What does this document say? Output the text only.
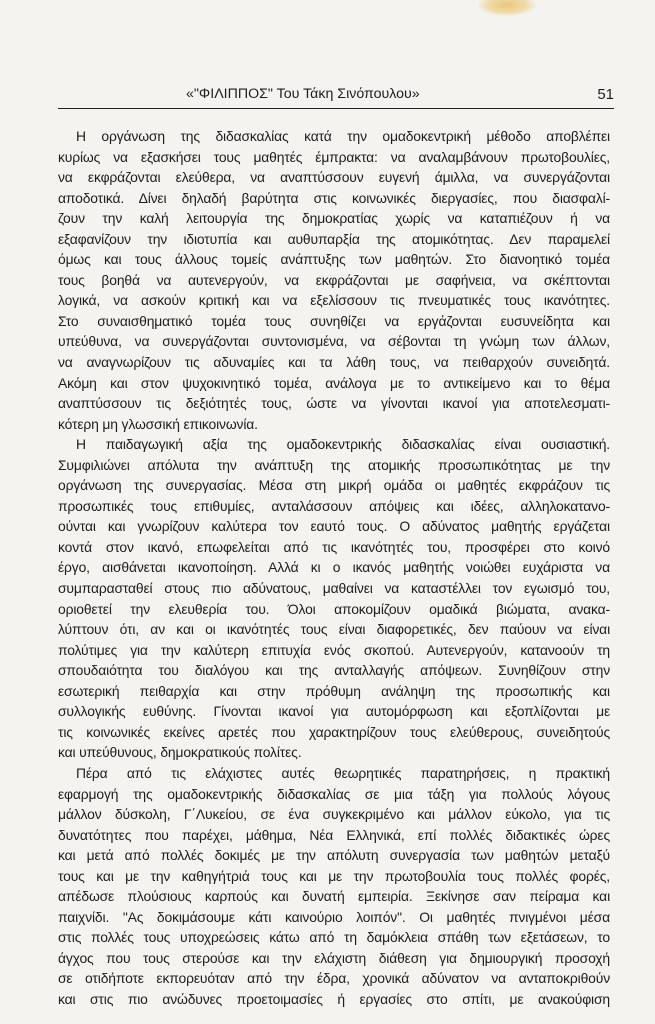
«"ΦΙΛΙΠΠΟΣ" Του Τάκη Σινόπουλου»	51
Η οργάνωση της διδασκαλίας κατά την ομαδοκεντρική μέθοδο αποβλέπει
κυρίως να εξασκήσει τους μαθητές έμπρακτα: να αναλαμβάνουν πρωτοβουλίες,
να εκφράζονται ελεύθερα, να αναπτύσσουν ευγενή άμιλλα, να συνεργάζονται
αποδοτικά. Δίνει δηλαδή βαρύτητα στις κοινωνικές διεργασίες, που διασφαλί-
ζουν την καλή λειτουργία της δημοκρατίας χωρίς να καταπιέζουν ή να
εξαφανίζουν την ιδιοτυπία και αυθυπαρξία της ατομικότητας. Δεν παραμελεί
όμως και τους άλλους τομείς ανάπτυξης των μαθητών. Στο διανοητικό τομέα
τους βοηθά να αυτενεργούν, να εκφράζονται με σαφήνεια, να σκέπτονται
λογικά, να ασκούν κριτική και να εξελίσσουν τις πνευματικές τους ικανότητες.
Στο συναισθηματικό τομέα τους συνηθίζει να εργάζονται ευσυνείδητα και
υπεύθυνα, να συνεργάζονται συντονισμένα, να σέβονται τη γνώμη των άλλων,
να αναγνωρίζουν τις αδυναμίες και τα λάθη τους, να πειθαρχούν συνειδητά.
Ακόμη και στον ψυχοκινητικό τομέα, ανάλογα με το αντικείμενο και το θέμα
αναπτύσσουν τις δεξιότητές τους, ώστε να γίνονται ικανοί για αποτελεσματι-
κότερη μη γλωσσική επικοινωνία.
Η παιδαγωγική αξία της ομαδοκεντρικής διδασκαλίας είναι ουσιαστική.
Συμφιλιώνει απόλυτα την ανάπτυξη της ατομικής προσωπικότητας με την
οργάνωση της συνεργασίας. Μέσα στη μικρή ομάδα οι μαθητές εκφράζουν τις
προσωπικές τους επιθυμίες, ανταλάσσουν απόψεις και ιδέες, αλληλοκατανο-
ούνται και γνωρίζουν καλύτερα τον εαυτό τους. Ο αδύνατος μαθητής εργάζεται
κοντά στον ικανό, επωφελείται από τις ικανότητές του, προσφέρει στο κοινό
έργο, αισθάνεται ικανοποίηση. Αλλά κι ο ικανός μαθητής νοιώθει ευχάριστα να
συμπαρασταθεί στους πιο αδύνατους, μαθαίνει να καταστέλλει τον εγωισμό του,
οριοθετεί την ελευθερία του. Όλοι αποκομίζουν ομαδικά βιώματα, ανακα-
λύπτουν ότι, αν και οι ικανότητές τους είναι διαφορετικές, δεν παύουν να είναι
πολύτιμες για την καλύτερη επιτυχία ενός σκοπού. Αυτενεργούν, κατανοούν τη
σπουδαιότητα του διαλόγου και της ανταλλαγής απόψεων. Συνηθίζουν στην
εσωτερική πειθαρχία και στην πρόθυμη ανάληψη της προσωπικής και
συλλογικής ευθύνης. Γίνονται ικανοί για αυτομόρφωση και εξοπλίζονται με
τις κοινωνικές εκείνες αρετές που χαρακτηρίζουν τους ελεύθερους, συνειδητούς
και υπεύθυνους, δημοκρατικούς πολίτες.
Πέρα από τις ελάχιστες αυτές θεωρητικές παρατηρήσεις, η πρακτική
εφαρμογή της ομαδοκεντρικής διδασκαλίας σε μια τάξη για πολλούς λόγους
μάλλον δύσκολη, Γ΄Λυκείου, σε ένα συγκεκριμένο και μάλλον εύκολο, για τις
δυνατότητες που παρέχει, μάθημα, Νέα Ελληνικά, επί πολλές διδακτικές ώρες
και μετά από πολλές δοκιμές με την απόλυτη συνεργασία των μαθητών μεταξύ
τους και με την καθηγήτριά τους και με την πρωτοβουλία τους πολλές φορές,
απέδωσε πλούσιους καρπούς και δυνατή εμπειρία. Ξεκίνησε σαν πείραμα και
παιχνίδι. "Ας δοκιμάσουμε κάτι καινούριο λοιπόν". Οι μαθητές πνιγμένοι μέσα
στις πολλές τους υποχρεώσεις κάτω από τη δαμόκλεια σπάθη των εξετάσεων, το
άγχος που τους στερούσε και την ελάχιστη διάθεση για δημιουργική προσοχή
σε οτιδήποτε εκπορευόταν από την έδρα, χρονικά αδύνατον να ανταποκριθούν
και στις πιο ανώδυνες προετοιμασίες ή εργασίες στο σπίτι, με ανακούφιση
